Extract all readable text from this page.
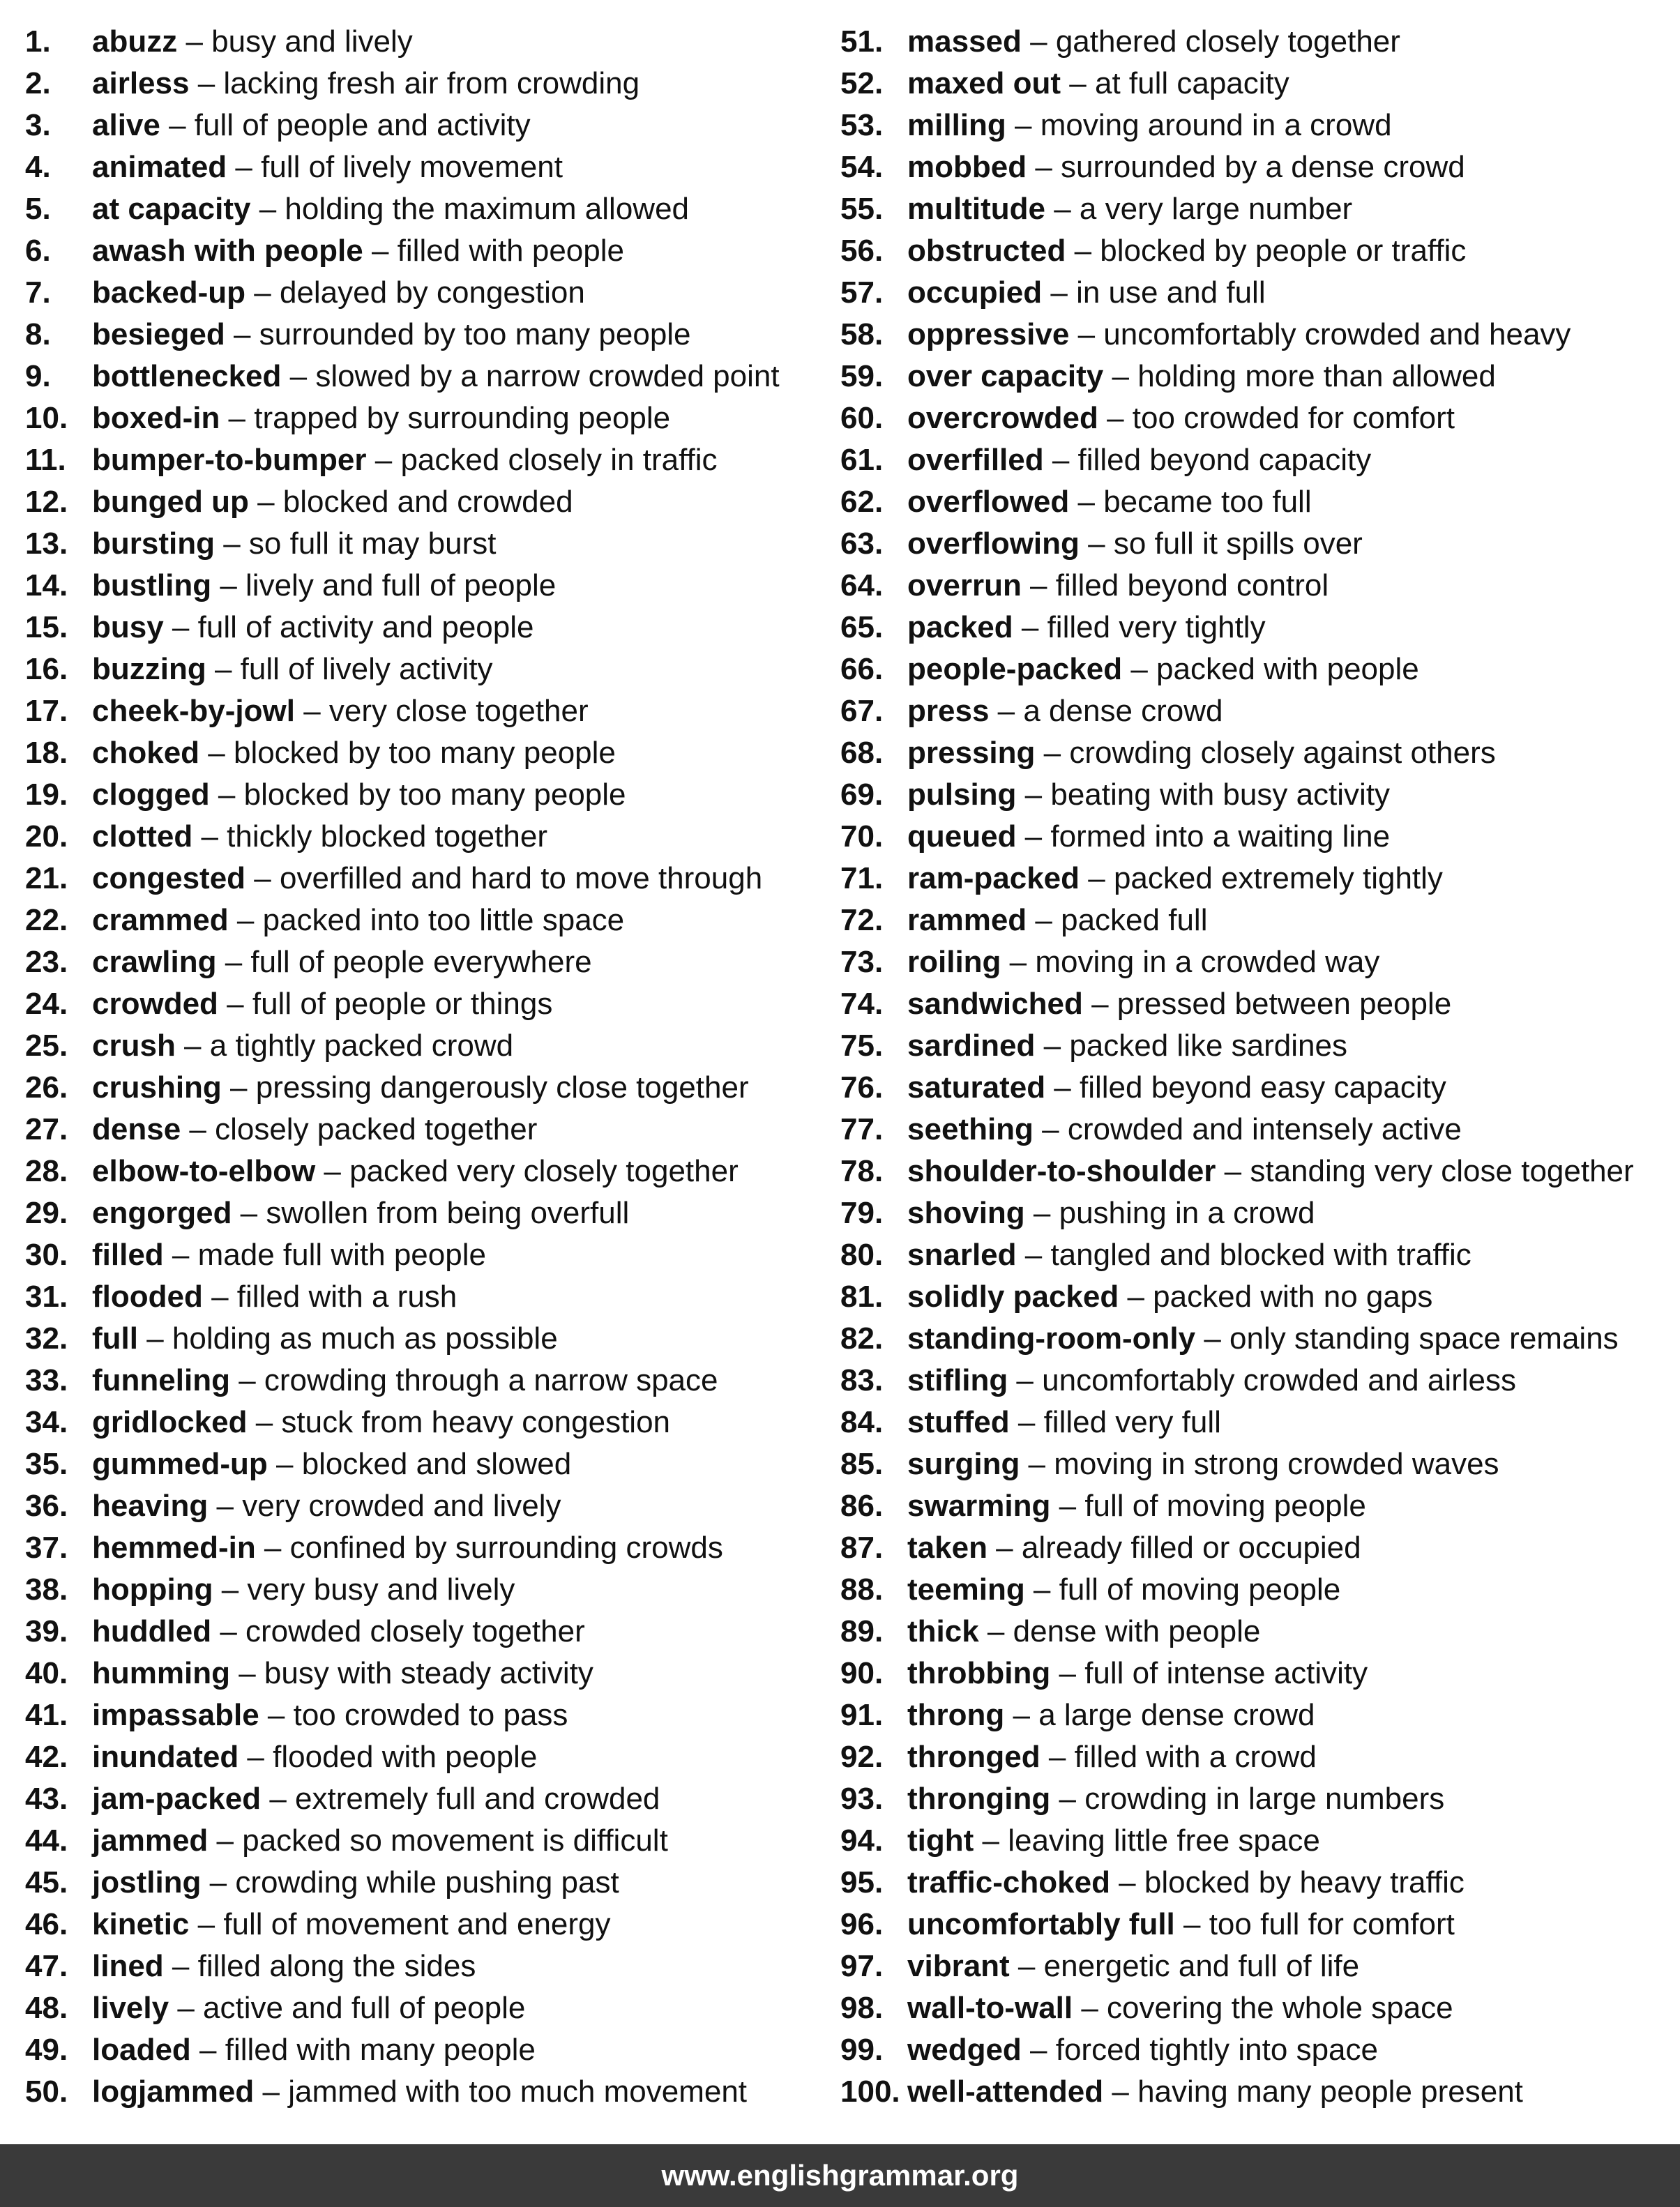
1. abuzz – busy and lively
2. airless – lacking fresh air from crowding
3. alive – full of people and activity
4. animated – full of lively movement
5. at capacity – holding the maximum allowed
6. awash with people – filled with people
7. backed-up – delayed by congestion
8. besieged – surrounded by too many people
9. bottlenecked – slowed by a narrow crowded point
10. boxed-in – trapped by surrounding people
11. bumper-to-bumper – packed closely in traffic
12. bunged up – blocked and crowded
13. bursting – so full it may burst
14. bustling – lively and full of people
15. busy – full of activity and people
16. buzzing – full of lively activity
17. cheek-by-jowl – very close together
18. choked – blocked by too many people
19. clogged – blocked by too many people
20. clotted – thickly blocked together
21. congested – overfilled and hard to move through
22. crammed – packed into too little space
23. crawling – full of people everywhere
24. crowded – full of people or things
25. crush – a tightly packed crowd
26. crushing – pressing dangerously close together
27. dense – closely packed together
28. elbow-to-elbow – packed very closely together
29. engorged – swollen from being overfull
30. filled – made full with people
31. flooded – filled with a rush
32. full – holding as much as possible
33. funneling – crowding through a narrow space
34. gridlocked – stuck from heavy congestion
35. gummed-up – blocked and slowed
36. heaving – very crowded and lively
37. hemmed-in – confined by surrounding crowds
38. hopping – very busy and lively
39. huddled – crowded closely together
40. humming – busy with steady activity
41. impassable – too crowded to pass
42. inundated – flooded with people
43. jam-packed – extremely full and crowded
44. jammed – packed so movement is difficult
45. jostling – crowding while pushing past
46. kinetic – full of movement and energy
47. lined – filled along the sides
48. lively – active and full of people
49. loaded – filled with many people
50. logjammed – jammed with too much movement
51. massed – gathered closely together
52. maxed out – at full capacity
53. milling – moving around in a crowd
54. mobbed – surrounded by a dense crowd
55. multitude – a very large number
56. obstructed – blocked by people or traffic
57. occupied – in use and full
58. oppressive – uncomfortably crowded and heavy
59. over capacity – holding more than allowed
60. overcrowded – too crowded for comfort
61. overfilled – filled beyond capacity
62. overflowed – became too full
63. overflowing – so full it spills over
64. overrun – filled beyond control
65. packed – filled very tightly
66. people-packed – packed with people
67. press – a dense crowd
68. pressing – crowding closely against others
69. pulsing – beating with busy activity
70. queued – formed into a waiting line
71. ram-packed – packed extremely tightly
72. rammed – packed full
73. roiling – moving in a crowded way
74. sandwiched – pressed between people
75. sardined – packed like sardines
76. saturated – filled beyond easy capacity
77. seething – crowded and intensely active
78. shoulder-to-shoulder – standing very close together
79. shoving – pushing in a crowd
80. snarled – tangled and blocked with traffic
81. solidly packed – packed with no gaps
82. standing-room-only – only standing space remains
83. stifling – uncomfortably crowded and airless
84. stuffed – filled very full
85. surging – moving in strong crowded waves
86. swarming – full of moving people
87. taken – already filled or occupied
88. teeming – full of moving people
89. thick – dense with people
90. throbbing – full of intense activity
91. throng – a large dense crowd
92. thronged – filled with a crowd
93. thronging – crowding in large numbers
94. tight – leaving little free space
95. traffic-choked – blocked by heavy traffic
96. uncomfortably full – too full for comfort
97. vibrant – energetic and full of life
98. wall-to-wall – covering the whole space
99. wedged – forced tightly into space
100. well-attended – having many people present
www.englishgrammar.org
